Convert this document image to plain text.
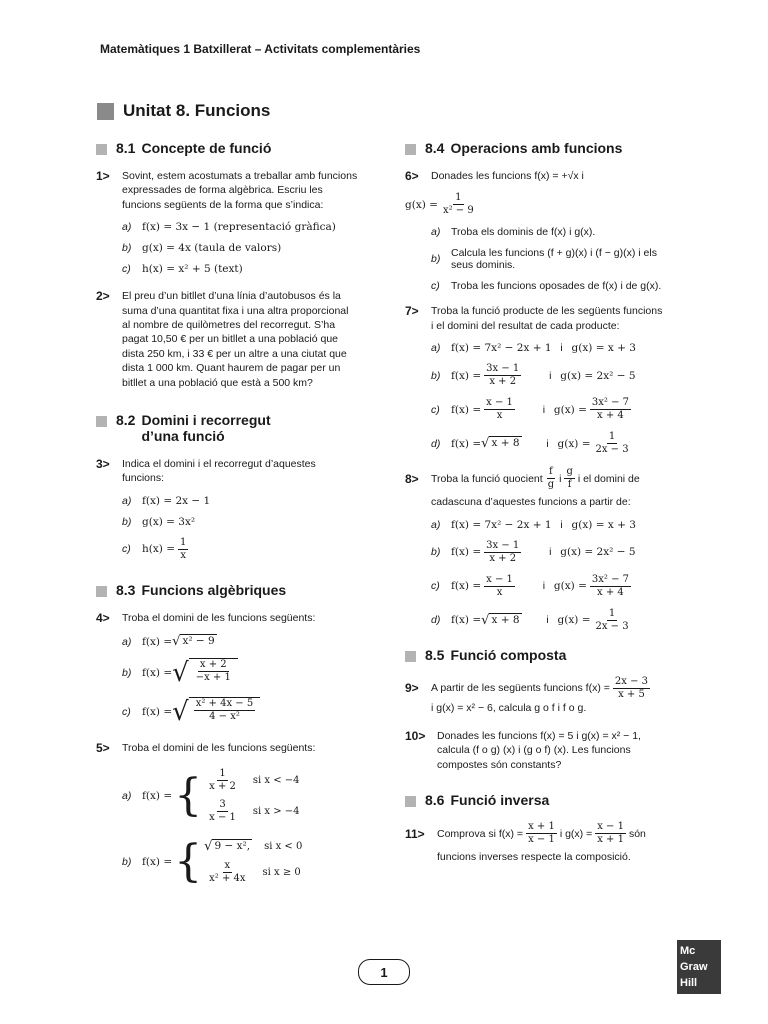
Matemàtiques 1 Batxillerat – Activitats complementàries
Unitat 8. Funcions
8.1 Concepte de funció
1>	Sovint, estem acostumats a treballar amb funcions expressades de forma algèbrica. Escriu les funcions següents de la forma que s’indica:

a)	f(x) = 3x − 1 (representació gràfica)
b)	g(x) = 4x (taula de valors)
c)	h(x) = x² + 5 (text)
2>	El preu d’un bitllet d’una línia d’autobusos és la suma d’una quantitat fixa i una altra proporcional al nombre de quilòmetres del recorregut. S’ha pagat 10,50 € per un bitllet a una població que dista 250 km, i 33 € per un altre a una ciutat que dista 1 000 km. Quant haurem de pagar per un bitllet a una població que està a 500 km?

8.2 Domini i recorregut
d’una funció
3>	Indica el domini i el recorregut d’aquestes funcions:

a)	f(x) = 2x − 1
b)	g(x) = 3x²
c)	$h(x) = \frac{1}{x}$
8.3 Funcions algèbriques
4>	Troba el domini de les funcions següents:

a)	f(x) = √ x² − 9
b)	f(x) = √ $\frac{x + 2}{-x + 1}$
c)	f(x) = √ $\frac{\text{x² + 4x − 5}}{\text{4 − x²}}$
5>	Troba el domini de les funcions següents:

a)	f(x) = { $\frac{1}{x + 2}$ si x < −4
$\frac{3}{x - 1}$ si x > −4
b)	f(x) = { √ 9 − x², si x < 0
$\frac{x}{\text{x² + 4x}}$ si x ≥ 0
8.4 Operacions amb funcions
6>	Donades les funcions f(x) = +√x i

$g(x) = \frac{1}{\text{x² − 9}}$
a)	Troba els dominis de f(x) i g(x).
b)	Calcula les funcions (f + g)(x) i (f − g)(x) i els seus dominis.
c)	Troba les funcions oposades de f(x) i de g(x).
7>	Troba la funció producte de les següents funcions i el domini del resultat de cada producte:

a)	f(x) = 7x² − 2x + 1 i g(x) = x + 3
b)	$f(x) = \frac{3x - 1}{x + 2}$	i g(x) = 2x² − 5
c)	$f(x) = \frac{x - 1}{x}$	i $g(x) = \frac{\text{3x² − 7}}{x + 4}$
d)	f(x) = √ x + 8	i $g(x) = \frac{1}{2x - 3}$
8>	Troba la funció quocient $\frac{f}{g}$ i $\frac{g}{f}$ i el domini de
cadascuna d’aquestes funcions a partir de:
a)	f(x) = 7x² − 2x + 1 i g(x) = x + 3
b)	$f(x) = \frac{3x - 1}{x + 2}$	i g(x) = 2x² − 5
c)	$f(x) = \frac{x - 1}{x}$	i $g(x) = \frac{\text{3x² − 7}}{x + 4}$
d)	f(x) = √ x + 8	i $g(x) = \frac{1}{2x - 3}$
8.5 Funció composta
9>	A partir de les següents funcions $f(x) = \frac{2x - 3}{x + 5}$
i g(x) = x² − 6, calcula g o f i f o g.
10>	Donades les funcions f(x) = 5 i g(x) = x² − 1, calcula (f o g) (x) i (g o f) (x). Les funcions compostes són constants?

8.6 Funció inversa
11>	Comprova si $f(x) = \frac{x + 1}{x - 1}$ i $g(x) = \frac{x - 1}{x + 1}$ són
funcions inverses respecte la composició.
1
Mc
Graw
Hill
